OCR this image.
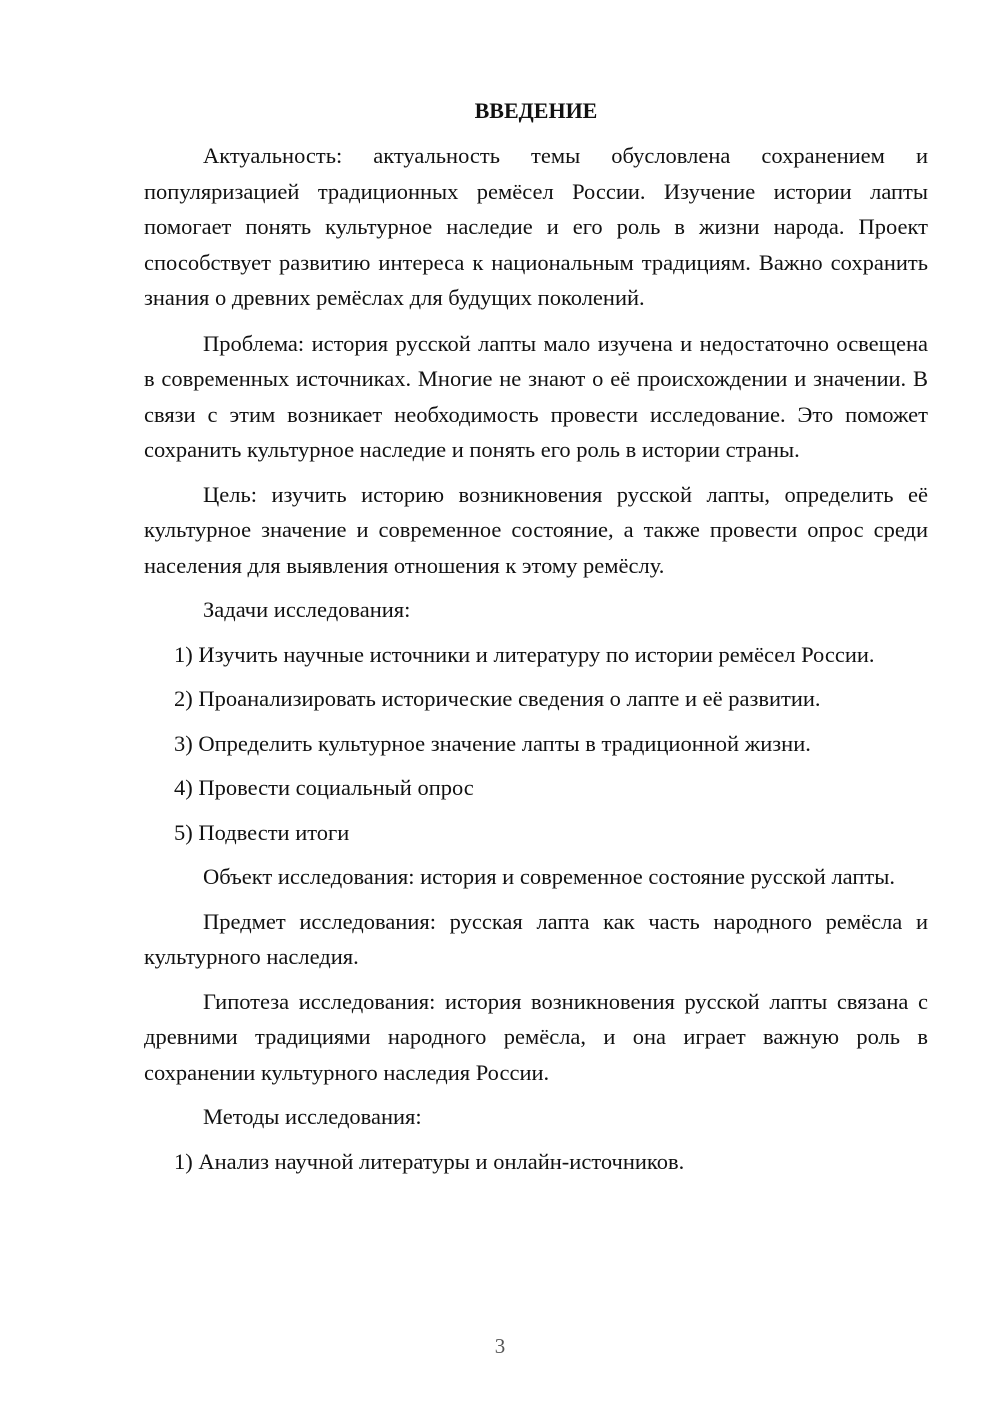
ВВЕДЕНИЕ

Актуальность: актуальность темы обусловлена сохранением и популяризацией традиционных ремёсел России. Изучение истории лапты помогает понять культурное наследие и его роль в жизни народа. Проект способствует развитию интереса к национальным традициям. Важно сохранить знания о древних ремёслах для будущих поколений.

Проблема: история русской лапты мало изучена и недостаточно освещена в современных источниках. Многие не знают о её происхождении и значении. В связи с этим возникает необходимость провести исследование. Это поможет сохранить культурное наследие и понять его роль в истории страны.

Цель: изучить историю возникновения русской лапты, определить её культурное значение и современное состояние, а также провести опрос среди населения для выявления отношения к этому ремёслу.

Задачи исследования:

1) Изучить научные источники и литературу по истории ремёсел России.

2) Проанализировать исторические сведения о лапте и её развитии.

3) Определить культурное значение лапты в традиционной жизни.

4) Провести социальный опрос

5) Подвести итоги

Объект исследования: история и современное состояние русской лапты.

Предмет исследования: русская лапта как часть народного ремёсла и культурного наследия.

Гипотеза исследования: история возникновения русской лапты связана с древними традициями народного ремёсла, и она играет важную роль в сохранении культурного наследия России.

Методы исследования:

1) Анализ научной литературы и онлайн-источников.

3
